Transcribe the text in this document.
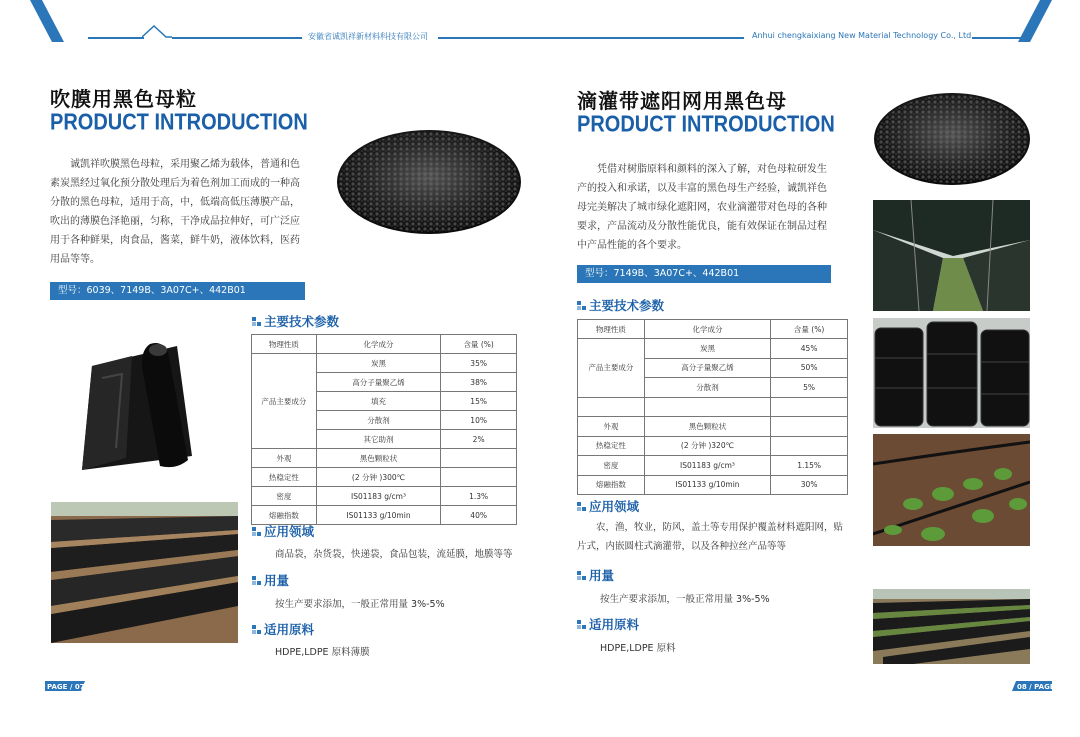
安徽省诚凯祥新材料科技有限公司	Anhui chengkaixiang New Material Technology Co., Ltd
吹膜用黑色母粒
PRODUCT INTRODUCTION
诚凯祥吹膜黑色母粒，采用聚乙烯为载体，普通和色素炭黑经过氧化预分散处理后为着色剂加工而成的一种高分散的黑色母粒，适用于高，中，低端高低压薄膜产品，吹出的薄膜色泽艳丽，匀称，干净成品拉伸好，可广泛应用于各种鲜果，肉食品，酱菜，鲜牛奶，液体饮料，医药用品等等。
型号：6039、7149B、3A07C+、442B01
主要技术参数
物理性质	化学成分	含量 (%)
产品主要成分	炭黑	35%
	高分子量聚乙烯	38%
	填充	15%
	分散剂	10%
	其它助剂	2%
外观	黑色颗粒状	
热稳定性	(2 分钟 )300℃	
密度	IS01183 g/cm³	1.3%
熔融指数	IS01133 g/10min	40%
应用领域
商品袋，杂货袋，快递袋，食品包装，流延膜，地膜等等
用量
按生产要求添加，一般正常用量 3%-5%
适用原料
HDPE,LDPE 原料薄膜
PAGE / 07
滴灌带遮阳网用黑色母
PRODUCT INTRODUCTION
凭借对树脂原料和颜料的深入了解，对色母粒研发生产的投入和承诺，以及丰富的黑色母生产经验，诚凯祥色母完美解决了城市绿化遮阳网，农业滴灌带对色母的各种要求，产品流动及分散性能优良，能有效保证在制品过程中产品性能的各个要求。
型号：7149B、3A07C+、442B01
主要技术参数
物理性质	化学成分	含量 (%)
产品主要成分	炭黑	45%
	高分子量聚乙烯	50%
	分散剂	5%

外观	黑色颗粒状	
热稳定性	(2 分钟 )320℃	
密度	IS01183 g/cm³	1.15%
熔融指数	IS01133 g/10min	30%
应用领域
农，渔，牧业，防风，盖土等专用保护覆盖材料遮阳网，贴片式，内嵌圆柱式滴灌带，以及各种拉丝产品等等
用量
按生产要求添加，一般正常用量 3%-5%
适用原料
HDPE,LDPE 原料
08 / PAGE
